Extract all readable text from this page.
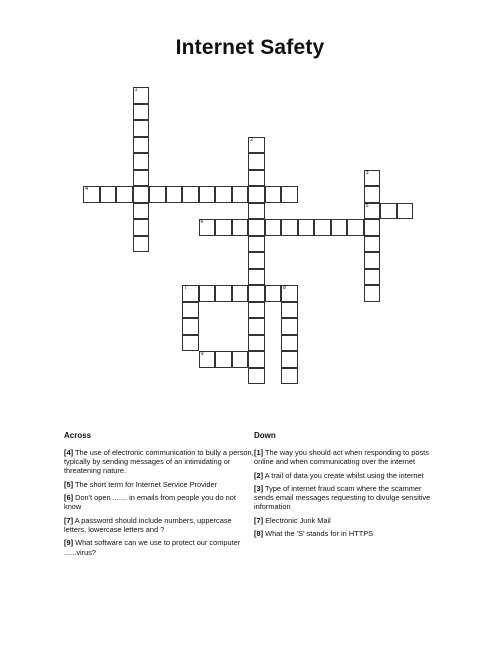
Internet Safety
1
2
3
5
4
6
7	8
9
Across
[4] The use of electronic communication to bully a person, typically by sending messages of an intimidating or threatening nature.
[5] The short term for Internet Service Provider
[6] Don't open ....... in emails from people you do not know
[7] A password should include numbers, uppercase letters, lowercase letters and ?
[9] What software can we use to protect our computer ......virus?
Down
[1] The way you should act when responding to posts online and when communicating over the internet
[2] A trail of data you create whilst using the internet
[3] Type of internet fraud scam where the scammer sends email messages requesting to divulge sensitive information
[7] Electronic Junk Mail
[8] What the 'S' stands for in HTTPS
